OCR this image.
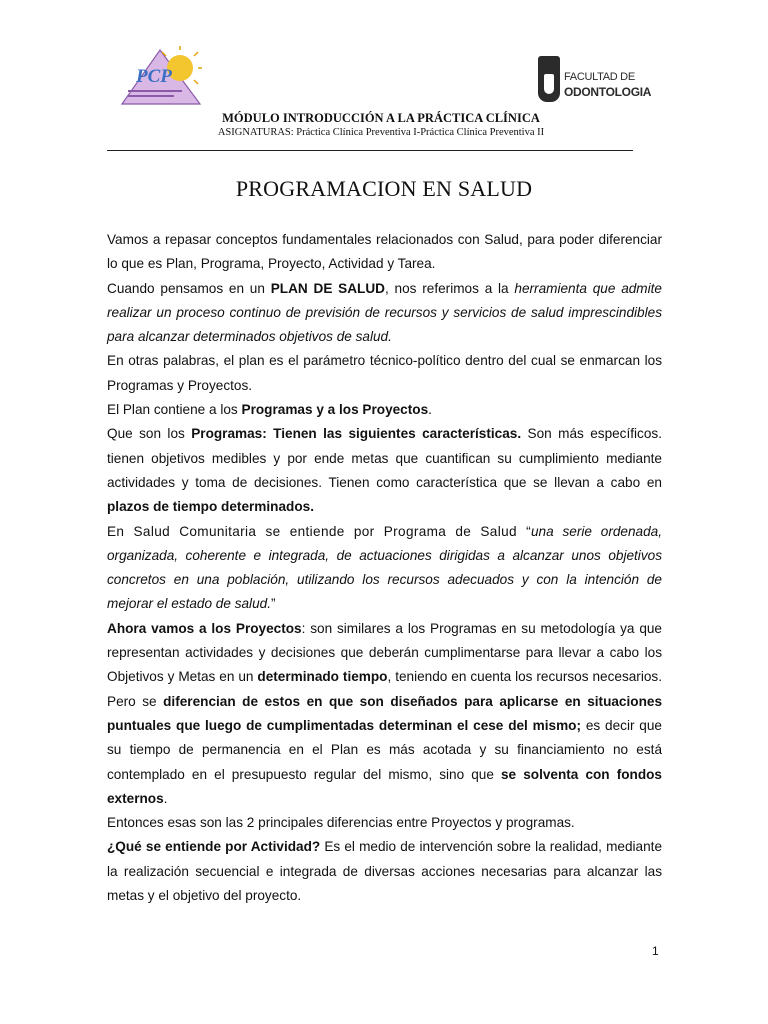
PCP	FACULTAD DE
ODONTOLOGIA
MÓDULO INTRODUCCIÓN A LA PRÁCTICA CLÍNICA
ASIGNATURAS: Práctica Clínica Preventiva I-Práctica Clínica Preventiva II
PROGRAMACION EN SALUD

Vamos a repasar conceptos fundamentales relacionados con Salud, para poder diferenciar lo que es Plan, Programa, Proyecto, Actividad y Tarea.

Cuando pensamos en un PLAN DE SALUD, nos referimos a la herramienta que admite realizar un proceso continuo de previsión de recursos y servicios de salud imprescindibles para alcanzar determinados objetivos de salud.

En otras palabras, el plan es el parámetro técnico-político dentro del cual se enmarcan los Programas y Proyectos.

El Plan contiene a los Programas y a los Proyectos.

Que son los Programas: Tienen las siguientes características. Son más específicos. tienen objetivos medibles y por ende metas que cuantifican su cumplimiento mediante actividades y toma de decisiones. Tienen como característica que se llevan a cabo en plazos de tiempo determinados.

En Salud Comunitaria se entiende por Programa de Salud “una serie ordenada, organizada, coherente e integrada, de actuaciones dirigidas a alcanzar unos objetivos concretos en una población, utilizando los recursos adecuados y con la intención de mejorar el estado de salud.”

Ahora vamos a los Proyectos: son similares a los Programas en su metodología ya que representan actividades y decisiones que deberán cumplimentarse para llevar a cabo los Objetivos y Metas en un determinado tiempo, teniendo en cuenta los recursos necesarios. Pero se diferencian de estos en que son diseñados para aplicarse en situaciones puntuales que luego de cumplimentadas determinan el cese del mismo; es decir que su tiempo de permanencia en el Plan es más acotada y su financiamiento no está contemplado en el presupuesto regular del mismo, sino que se solventa con fondos externos.

Entonces esas son las 2 principales diferencias entre Proyectos y programas.

¿Qué se entiende por Actividad? Es el medio de intervención sobre la realidad, mediante la realización secuencial e integrada de diversas acciones necesarias para alcanzar las metas y el objetivo del proyecto.

1
